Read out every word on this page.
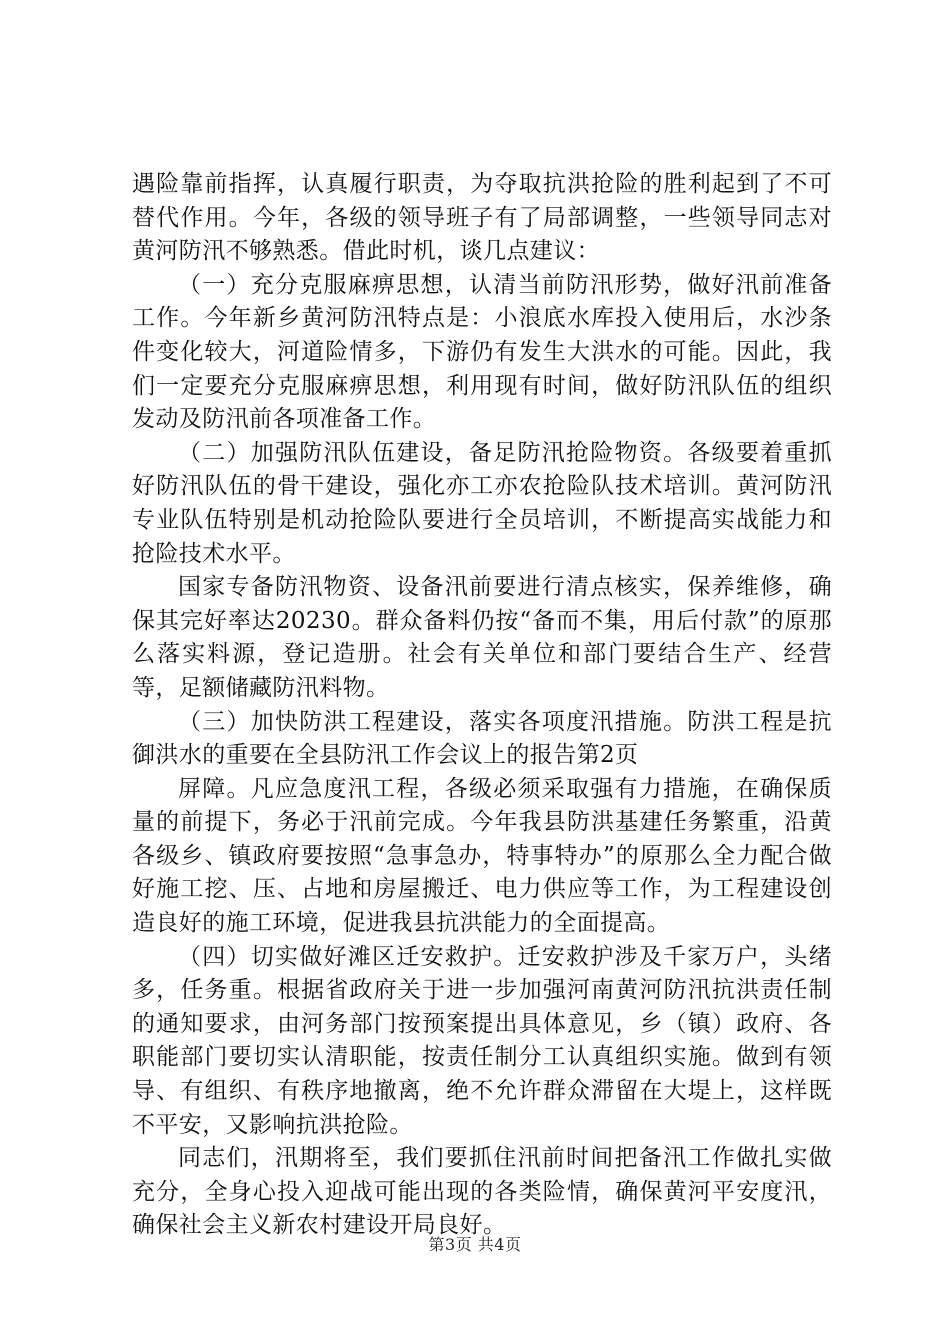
遇险靠前指挥，认真履行职责，为夺取抗洪抢险的胜利起到了不可替代作用。今年，各级的领导班子有了局部调整，一些领导同志对黄河防汛不够熟悉。借此时机，谈几点建议：

（一）充分克服麻痹思想，认清当前防汛形势，做好汛前准备工作。今年新乡黄河防汛特点是：小浪底水库投入使用后，水沙条件变化较大，河道险情多，下游仍有发生大洪水的可能。因此，我们一定要充分克服麻痹思想，利用现有时间，做好防汛队伍的组织发动及防汛前各项准备工作。

（二）加强防汛队伍建设，备足防汛抢险物资。各级要着重抓好防汛队伍的骨干建设，强化亦工亦农抢险队技术培训。黄河防汛专业队伍特别是机动抢险队要进行全员培训，不断提高实战能力和抢险技术水平。

国家专备防汛物资、设备汛前要进行清点核实，保养维修，确保其完好率达20230。群众备料仍按“备而不集，用后付款”的原那么落实料源，登记造册。社会有关单位和部门要结合生产、经营等，足额储藏防汛料物。

（三）加快防洪工程建设，落实各项度汛措施。防洪工程是抗御洪水的重要在全县防汛工作会议上的报告第2页

屏障。凡应急度汛工程，各级必须采取强有力措施，在确保质量的前提下，务必于汛前完成。今年我县防洪基建任务繁重，沿黄各级乡、镇政府要按照“急事急办，特事特办”的原那么全力配合做好施工挖、压、占地和房屋搬迁、电力供应等工作，为工程建设创造良好的施工环境，促进我县抗洪能力的全面提高。

（四）切实做好滩区迁安救护。迁安救护涉及千家万户，头绪多，任务重。根据省政府关于进一步加强河南黄河防汛抗洪责任制的通知要求，由河务部门按预案提出具体意见，乡（镇）政府、各职能部门要切实认清职能，按责任制分工认真组织实施。做到有领导、有组织、有秩序地撤离，绝不允许群众滞留在大堤上，这样既不平安，又影响抗洪抢险。

同志们，汛期将至，我们要抓住汛前时间把备汛工作做扎实做充分，全身心投入迎战可能出现的各类险情，确保黄河平安度汛，确保社会主义新农村建设开局良好。

第3页 共4页
